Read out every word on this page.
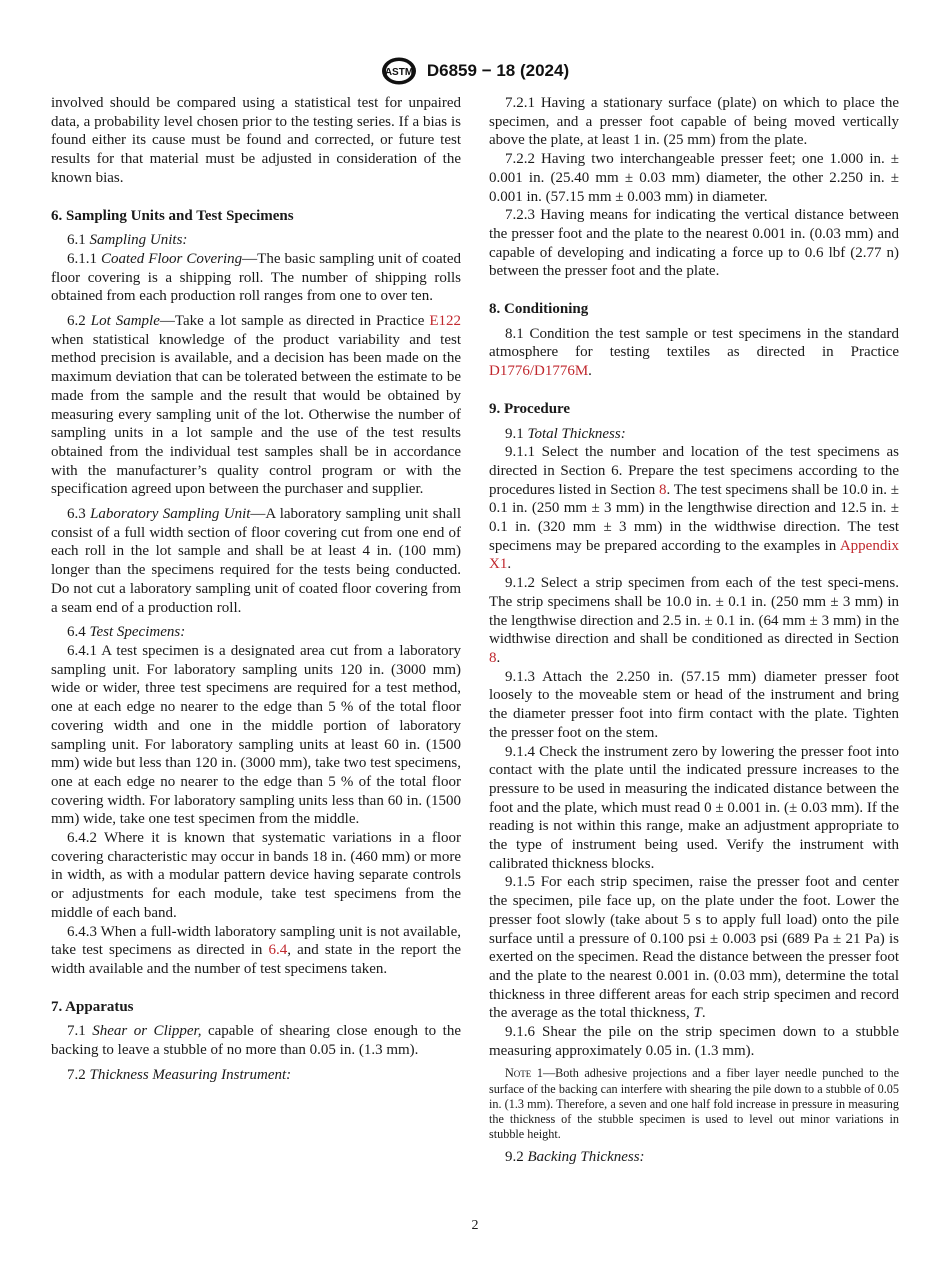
ASTM D6859 − 18 (2024)

involved should be compared using a statistical test for unpaired data, a probability level chosen prior to the testing series. If a bias is found either its cause must be found and corrected, or future test results for that material must be adjusted in consideration of the known bias.

6. Sampling Units and Test Specimens

6.1 Sampling Units:

6.1.1 Coated Floor Covering—The basic sampling unit of coated floor covering is a shipping roll. The number of shipping rolls obtained from each production roll ranges from one to over ten.

6.2 Lot Sample—Take a lot sample as directed in Practice E122 when statistical knowledge of the product variability and test method precision is available, and a decision has been made on the maximum deviation that can be tolerated between the estimate to be made from the sample and the result that would be obtained by measuring every sampling unit of the lot. Otherwise the number of sampling units in a lot sample and the use of the test results obtained from the individual test samples shall be in accordance with the manufacturer’s quality control program or with the specification agreed upon between the purchaser and supplier.

6.3 Laboratory Sampling Unit—A laboratory sampling unit shall consist of a full width section of floor covering cut from one end of each roll in the lot sample and shall be at least 4 in. (100 mm) longer than the specimens required for the tests being conducted. Do not cut a laboratory sampling unit of coated floor covering from a seam end of a production roll.

6.4 Test Specimens:

6.4.1 A test specimen is a designated area cut from a laboratory sampling unit. For laboratory sampling units 120 in. (3000 mm) wide or wider, three test specimens are required for a test method, one at each edge no nearer to the edge than 5 % of the total floor covering width and one in the middle portion of laboratory sampling unit. For laboratory sampling units at least 60 in. (1500 mm) wide but less than 120 in. (3000 mm), take two test specimens, one at each edge no nearer to the edge than 5 % of the total floor covering width. For laboratory sampling units less than 60 in. (1500 mm) wide, take one test specimen from the middle.

6.4.2 Where it is known that systematic variations in a floor covering characteristic may occur in bands 18 in. (460 mm) or more in width, as with a modular pattern device having separate controls or adjustments for each module, take test specimens from the middle of each band.

6.4.3 When a full-width laboratory sampling unit is not available, take test specimens as directed in 6.4, and state in the report the width available and the number of test specimens taken.

7. Apparatus

7.1 Shear or Clipper, capable of shearing close enough to the backing to leave a stubble of no more than 0.05 in. (1.3 mm).

7.2 Thickness Measuring Instrument:

7.2.1 Having a stationary surface (plate) on which to place the specimen, and a presser foot capable of being moved vertically above the plate, at least 1 in. (25 mm) from the plate.

7.2.2 Having two interchangeable presser feet; one 1.000 in. ± 0.001 in. (25.40 mm ± 0.03 mm) diameter, the other 2.250 in. ± 0.001 in. (57.15 mm ± 0.003 mm) in diameter.

7.2.3 Having means for indicating the vertical distance between the presser foot and the plate to the nearest 0.001 in. (0.03 mm) and capable of developing and indicating a force up to 0.6 lbf (2.77 n) between the presser foot and the plate.

8. Conditioning

8.1 Condition the test sample or test specimens in the standard atmosphere for testing textiles as directed in Practice D1776/D1776M.

9. Procedure

9.1 Total Thickness:

9.1.1 Select the number and location of the test specimens as directed in Section 6. Prepare the test specimens according to the procedures listed in Section 8. The test specimens shall be 10.0 in. ± 0.1 in. (250 mm ± 3 mm) in the lengthwise direction and 12.5 in. ± 0.1 in. (320 mm ± 3 mm) in the widthwise direction. The test specimens may be prepared according to the examples in Appendix X1.

9.1.2 Select a strip specimen from each of the test speci-mens. The strip specimens shall be 10.0 in. ± 0.1 in. (250 mm ± 3 mm) in the lengthwise direction and 2.5 in. ± 0.1 in. (64 mm ± 3 mm) in the widthwise direction and shall be conditioned as directed in Section 8.

9.1.3 Attach the 2.250 in. (57.15 mm) diameter presser foot loosely to the moveable stem or head of the instrument and bring the diameter presser foot into firm contact with the plate. Tighten the presser foot on the stem.

9.1.4 Check the instrument zero by lowering the presser foot into contact with the plate until the indicated pressure increases to the pressure to be used in measuring the indicated distance between the foot and the plate, which must read 0 ± 0.001 in. (± 0.03 mm). If the reading is not within this range, make an adjustment appropriate to the type of instrument being used. Verify the instrument with calibrated thickness blocks.

9.1.5 For each strip specimen, raise the presser foot and center the specimen, pile face up, on the plate under the foot. Lower the presser foot slowly (take about 5 s to apply full load) onto the pile surface until a pressure of 0.100 psi ± 0.003 psi (689 Pa ± 21 Pa) is exerted on the specimen. Read the distance between the presser foot and the plate to the nearest 0.001 in. (0.03 mm), determine the total thickness in three different areas for each strip specimen and record the average as the total thickness, T.

9.1.6 Shear the pile on the strip specimen down to a stubble measuring approximately 0.05 in. (1.3 mm).

Note 1—Both adhesive projections and a fiber layer needle punched to the surface of the backing can interfere with shearing the pile down to a stubble of 0.05 in. (1.3 mm). Therefore, a seven and one half fold increase in pressure in measuring the thickness of the stubble specimen is used to level out minor variations in stubble height.

9.2 Backing Thickness:

2
